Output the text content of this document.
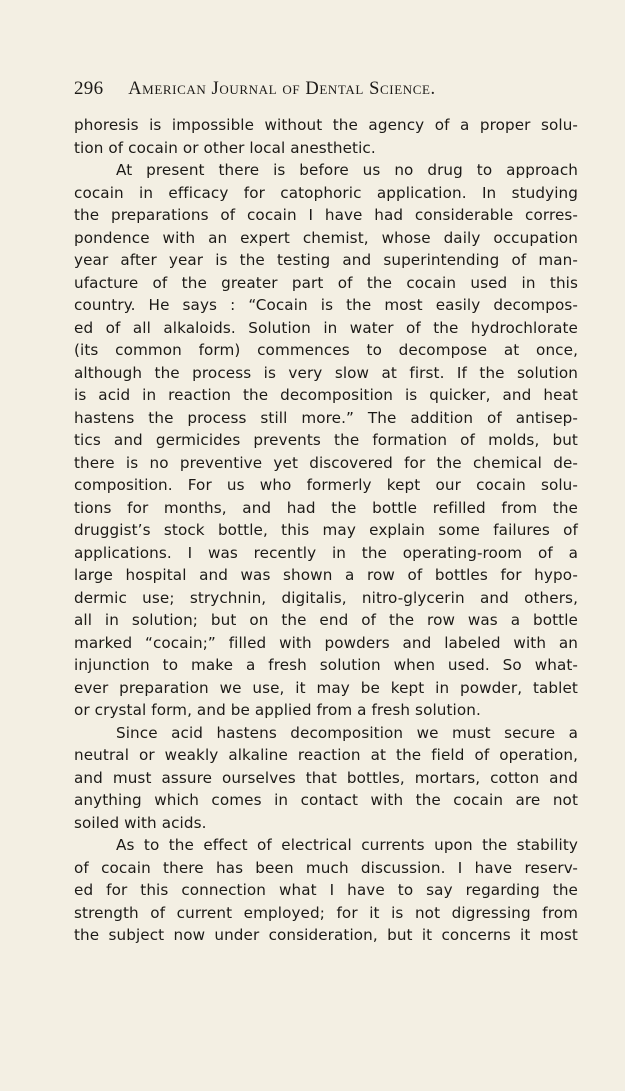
296 American Journal of Dental Science.
phoresis is impossible without the agency of a proper solu-
tion of cocain or other local anesthetic.
At present there is before us no drug to approach
cocain in efficacy for catophoric application. In studying
the preparations of cocain I have had considerable corres-
pondence with an expert chemist, whose daily occupation
year after year is the testing and superintending of man-
ufacture of the greater part of the cocain used in this
country. He says : “Cocain is the most easily decompos-
ed of all alkaloids. Solution in water of the hydrochlorate
(its common form) commences to decompose at once,
although the process is very slow at first. If the solution
is acid in reaction the decomposition is quicker, and heat
hastens the process still more.” The addition of antisep-
tics and germicides prevents the formation of molds, but
there is no preventive yet discovered for the chemical de-
composition. For us who formerly kept our cocain solu-
tions for months, and had the bottle refilled from the
druggist’s stock bottle, this may explain some failures of
applications. I was recently in the operating-room of a
large hospital and was shown a row of bottles for hypo-
dermic use; strychnin, digitalis, nitro-glycerin and others,
all in solution; but on the end of the row was a bottle
marked “cocain;” filled with powders and labeled with an
injunction to make a fresh solution when used. So what-
ever preparation we use, it may be kept in powder, tablet
or crystal form, and be applied from a fresh solution.
Since acid hastens decomposition we must secure a
neutral or weakly alkaline reaction at the field of operation,
and must assure ourselves that bottles, mortars, cotton and
anything which comes in contact with the cocain are not
soiled with acids.
As to the effect of electrical currents upon the stability
of cocain there has been much discussion. I have reserv-
ed for this connection what I have to say regarding the
strength of current employed; for it is not digressing from
the subject now under consideration, but it concerns it most
